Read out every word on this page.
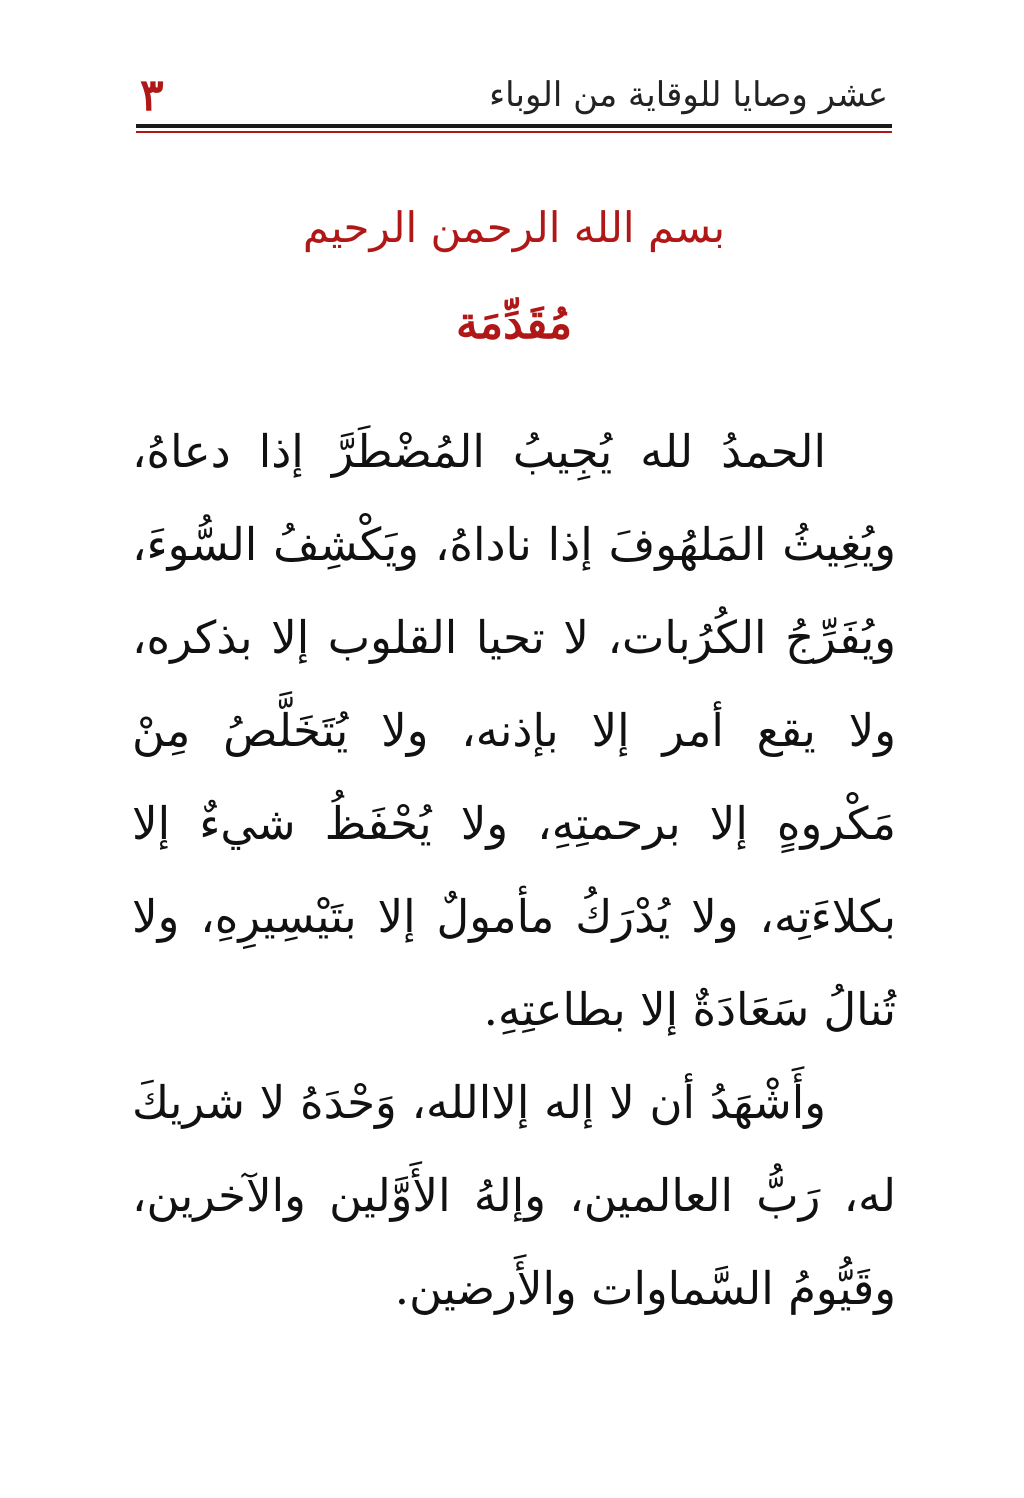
٣	عشر وصايا للوقاية من الوباء
بسم الله الرحمن الرحيم
مُقَدِّمَة

الحمدُ لله يُجِيبُ المُضْطَرَّ إذا دعاهُ، ويُغِيثُ المَلهُوفَ إذا ناداهُ، ويَكْشِفُ السُّوءَ، ويُفَرِّجُ الكُرُبات، لا تحيا القلوب إلا بذكره، ولا يقع أمر إلا بإذنه، ولا يُتَخَلَّصُ مِنْ مَكْروهٍ إلا برحمتِهِ، ولا يُحْفَظُ شيءٌ إلا بكلاءَتِه، ولا يُدْرَكُ مأمولٌ إلا بتَيْسِيرِهِ، ولا تُنالُ سَعَادَةٌ إلا بطاعتِهِ.

وأَشْهَدُ أن لا إله إلاالله، وَحْدَهُ لا شريكَ له، رَبُّ العالمين، وإلهُ الأَوَّلين والآخرين، وقَيُّومُ السَّماوات والأَرضين.
